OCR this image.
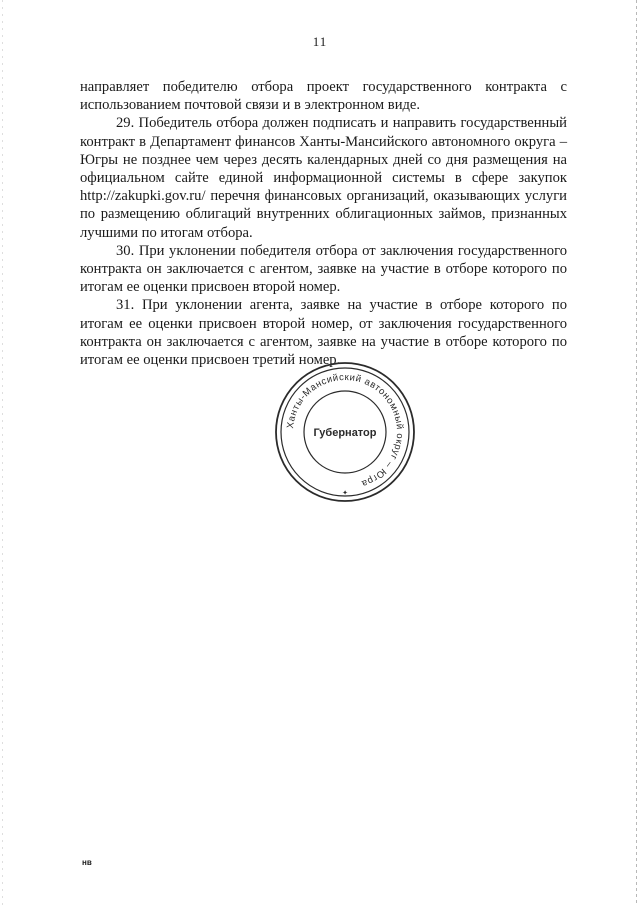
11

направляет победителю отбора проект государственного контракта с использованием почтовой связи и в электронном виде.

29. Победитель отбора должен подписать и направить государственный контракт в Департамент финансов Ханты-Мансийского автономного округа – Югры не позднее чем через десять календарных дней со дня размещения на официальном сайте единой информационной системы в сфере закупок http://zakupki.gov.ru/ перечня финансовых организаций, оказывающих услуги по размещению облигаций внутренних облигационных займов, признанных лучшими по итогам отбора.

30. При уклонении победителя отбора от заключения государственного контракта он заключается с агентом, заявке на участие в отборе которого по итогам ее оценки присвоен второй номер.

31. При уклонении агента, заявке на участие в отборе которого по итогам ее оценки присвоен второй номер, от заключения государственного контракта он заключается с агентом, заявке на участие в отборе которого по итогам ее оценки присвоен третий номер.

Ханты-Мансийский автономный округ – Югра
Губернатор
✦
нв
